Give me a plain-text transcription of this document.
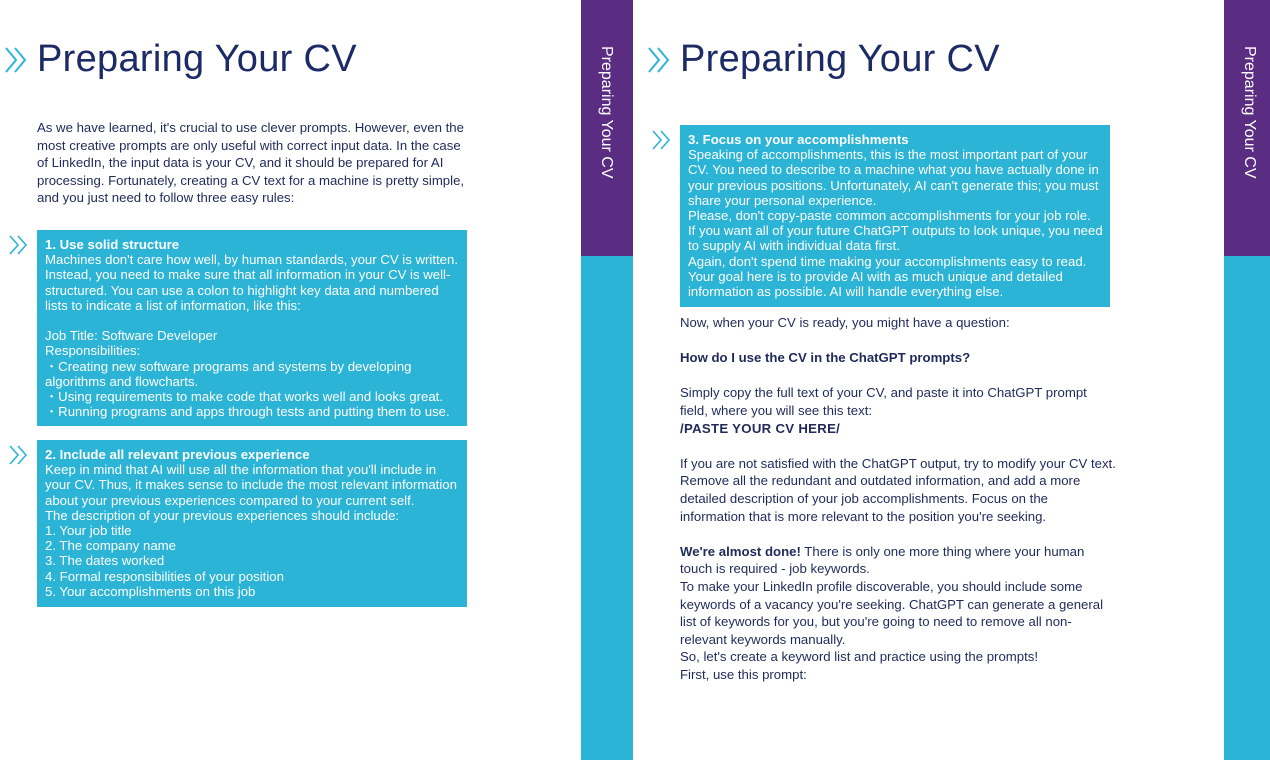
Preparing Your CV
As we have learned, it's crucial to use clever prompts. However, even the
most creative prompts are only useful with correct input data. In the case
of LinkedIn, the input data is your CV, and it should be prepared for AI
processing. Fortunately, creating a CV text for a machine is pretty simple,
and you just need to follow three easy rules:
1. Use solid structure
Machines don't care how well, by human standards, your CV is written.
Instead, you need to make sure that all information in your CV is well-
structured. You can use a colon to highlight key data and numbered
lists to indicate a list of information, like this:
Job Title: Software Developer
Responsibilities:
・Creating new software programs and systems by developing
algorithms and flowcharts.
・Using requirements to make code that works well and looks great.
・Running programs and apps through tests and putting them to use.
2. Include all relevant previous experience
Keep in mind that AI will use all the information that you'll include in
your CV. Thus, it makes sense to include the most relevant information
about your previous experiences compared to your current self.
The description of your previous experiences should include:
1. Your job title
2. The company name
3. The dates worked
4. Formal responsibilities of your position
5. Your accomplishments on this job
Preparing Your CV Preparing Your CV
3. Focus on your accomplishments
Speaking of accomplishments, this is the most important part of your
CV. You need to describe to a machine what you have actually done in
your previous positions. Unfortunately, AI can't generate this; you must
share your personal experience.
Please, don't copy-paste common accomplishments for your job role.
If you want all of your future ChatGPT outputs to look unique, you need
to supply AI with individual data first.
Again, don't spend time making your accomplishments easy to read.
Your goal here is to provide AI with as much unique and detailed
information as possible. AI will handle everything else.

Now, when your CV is ready, you might have a question:

How do I use the CV in the ChatGPT prompts?

Simply copy the full text of your CV, and paste it into ChatGPT prompt

field, where you will see this text:

/PASTE YOUR CV HERE/

If you are not satisfied with the ChatGPT output, try to modify your CV text.

Remove all the redundant and outdated information, and add a more

detailed description of your job accomplishments. Focus on the

information that is more relevant to the position you're seeking.

We're almost done! There is only one more thing where your human

touch is required - job keywords.

To make your LinkedIn profile discoverable, you should include some

keywords of a vacancy you're seeking. ChatGPT can generate a general

list of keywords for you, but you're going to need to remove all non-

relevant keywords manually.

So, let's create a keyword list and practice using the prompts!

First, use this prompt:

Preparing Your CV
